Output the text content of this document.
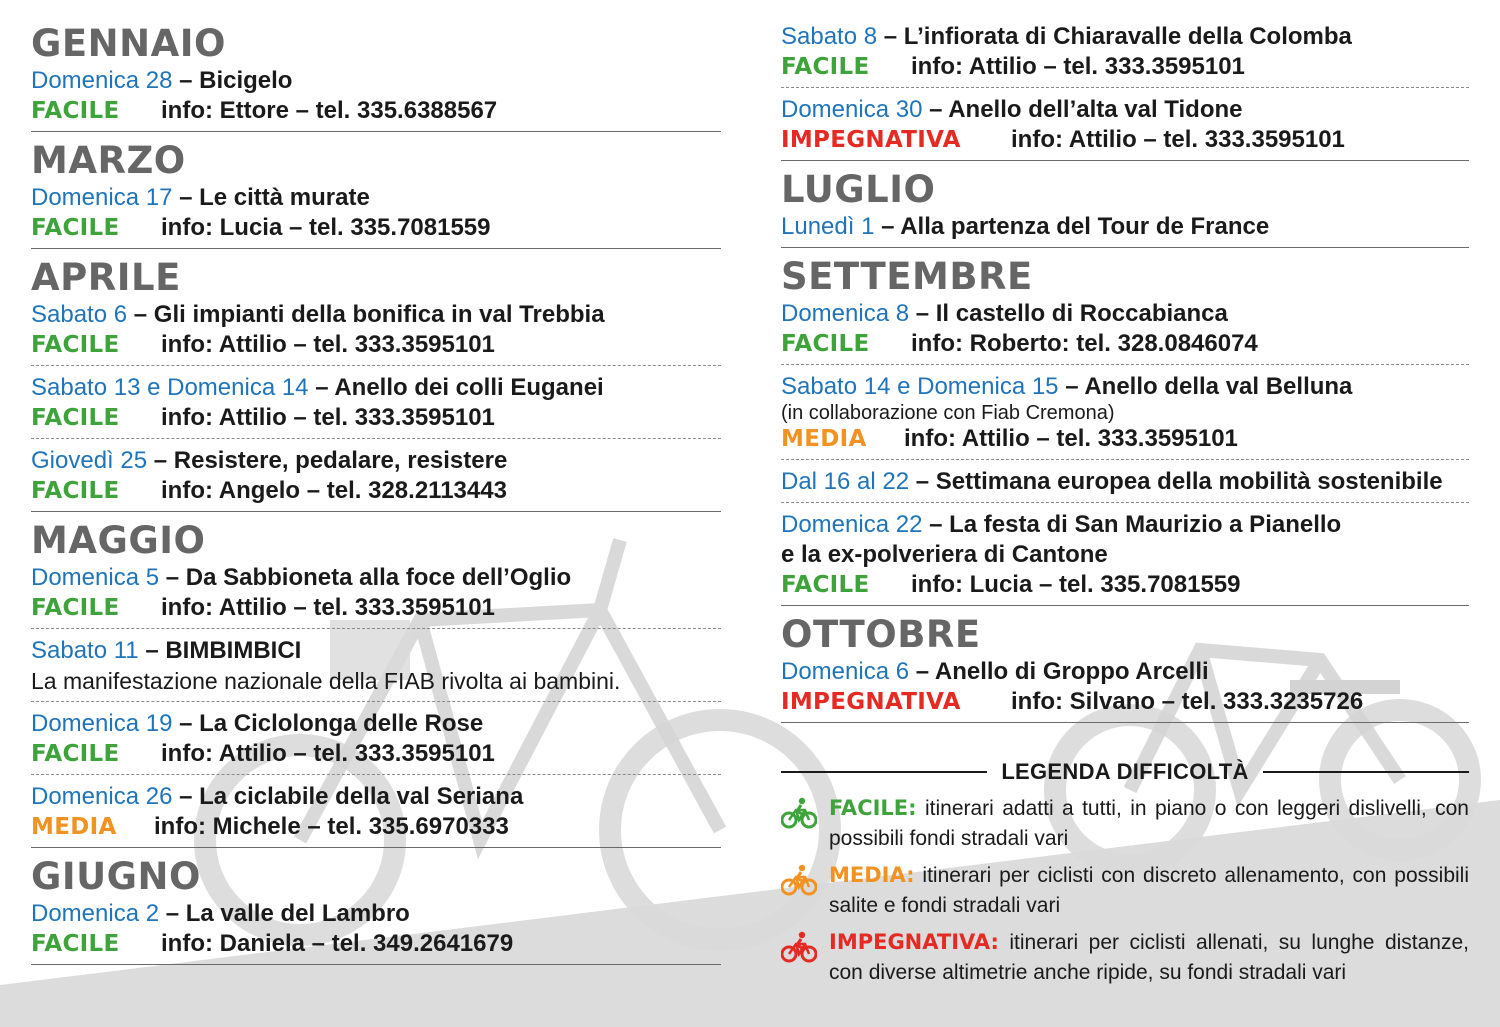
GENNAIO
Domenica 28 – Bicigelo
FACILE	info: Ettore – tel. 335.6388567
MARZO
Domenica 17 – Le città murate
FACILE	info: Lucia – tel. 335.7081559
APRILE
Sabato 6 – Gli impianti della bonifica in val Trebbia
FACILE	info: Attilio – tel. 333.3595101
Sabato 13 e Domenica 14 – Anello dei colli Euganei
FACILE	info: Attilio – tel. 333.3595101
Giovedì 25 – Resistere, pedalare, resistere
FACILE	info: Angelo – tel. 328.2113443
MAGGIO
Domenica 5 – Da Sabbioneta alla foce dell’Oglio
FACILE	info: Attilio – tel. 333.3595101
Sabato 11 – BIMBIMBICI
La manifestazione nazionale della FIAB rivolta ai bambini.
Domenica 19 – La Ciclolonga delle Rose
FACILE	info: Attilio – tel. 333.3595101
Domenica 26 – La ciclabile della val Seriana
MEDIA	info: Michele – tel. 335.6970333
GIUGNO
Domenica 2 – La valle del Lambro
FACILE	info: Daniela – tel. 349.2641679
Sabato 8 – L’infiorata di Chiaravalle della Colomba
FACILE	info: Attilio – tel. 333.3595101
Domenica 30 – Anello dell’alta val Tidone
IMPEGNATIVA	info: Attilio – tel. 333.3595101
LUGLIO
Lunedì 1 – Alla partenza del Tour de France
SETTEMBRE
Domenica 8 – Il castello di Roccabianca
FACILE	info: Roberto: tel. 328.0846074
Sabato 14 e Domenica 15 – Anello della val Belluna
(in collaborazione con Fiab Cremona)
MEDIA	info: Attilio – tel. 333.3595101
Dal 16 al 22 – Settimana europea della mobilità sostenibile
Domenica 22 – La festa di San Maurizio a Pianello
e la ex-polveriera di Cantone
FACILE	info: Lucia – tel. 335.7081559
OTTOBRE
Domenica 6 – Anello di Groppo Arcelli
IMPEGNATIVA	info: Silvano – tel. 333.3235726
LEGENDA DIFFICOLTÀ
FACILE: itinerari adatti a tutti, in piano o con leggeri dislivelli, con possibili fondi stradali vari
MEDIA: itinerari per ciclisti con discreto allenamento, con possibili salite e fondi stradali vari
IMPEGNATIVA: itinerari per ciclisti allenati, su lunghe distanze, con diverse altimetrie anche ripide, su fondi stradali vari
